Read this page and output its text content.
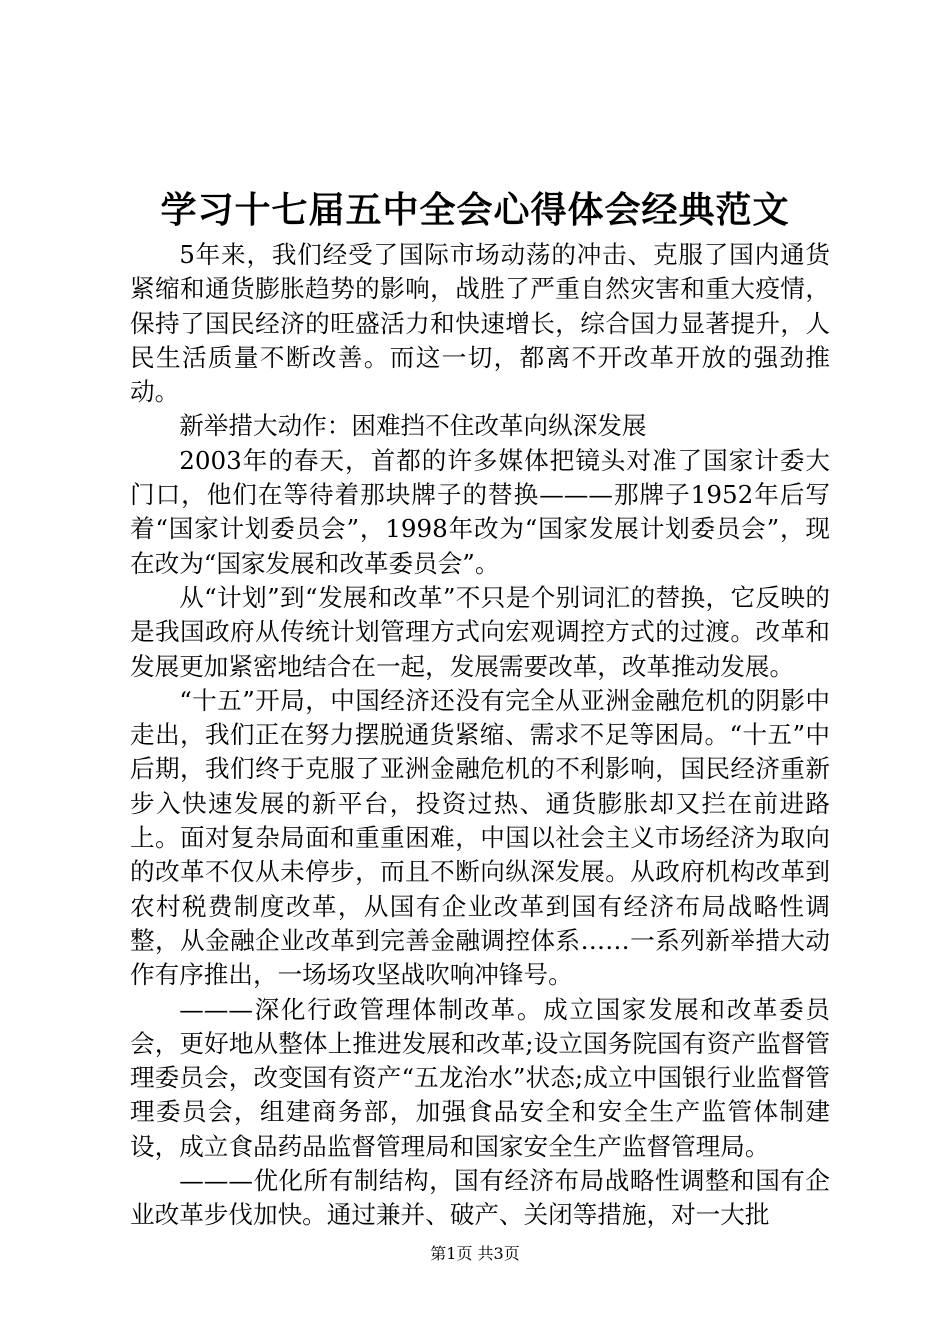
学习十七届五中全会心得体会经典范文

5年来，我们经受了国际市场动荡的冲击、克服了国内通货紧缩和通货膨胀趋势的影响，战胜了严重自然灾害和重大疫情，保持了国民经济的旺盛活力和快速增长，综合国力显著提升，人民生活质量不断改善。而这一切，都离不开改革开放的强劲推动。

新举措大动作：困难挡不住改革向纵深发展

2003年的春天，首都的许多媒体把镜头对准了国家计委大门口，他们在等待着那块牌子的替换———那牌子1952年后写着“国家计划委员会”，1998年改为“国家发展计划委员会”，现在改为“国家发展和改革委员会”。

从“计划”到“发展和改革”不只是个别词汇的替换，它反映的是我国政府从传统计划管理方式向宏观调控方式的过渡。改革和发展更加紧密地结合在一起，发展需要改革，改革推动发展。

“十五”开局，中国经济还没有完全从亚洲金融危机的阴影中走出，我们正在努力摆脱通货紧缩、需求不足等困局。“十五”中后期，我们终于克服了亚洲金融危机的不利影响，国民经济重新步入快速发展的新平台，投资过热、通货膨胀却又拦在前进路上。面对复杂局面和重重困难，中国以社会主义市场经济为取向的改革不仅从未停步，而且不断向纵深发展。从政府机构改革到农村税费制度改革，从国有企业改革到国有经济布局战略性调整，从金融企业改革到完善金融调控体系……一系列新举措大动作有序推出，一场场攻坚战吹响冲锋号。

———深化行政管理体制改革。成立国家发展和改革委员会，更好地从整体上推进发展和改革;设立国务院国有资产监督管理委员会，改变国有资产“五龙治水”状态;成立中国银行业监督管理委员会，组建商务部，加强食品安全和安全生产监管体制建设，成立食品药品监督管理局和国家安全生产监督管理局。

———优化所有制结构，国有经济布局战略性调整和国有企业改革步伐加快。通过兼并、破产、关闭等措施，对一大批

第1页 共3页
